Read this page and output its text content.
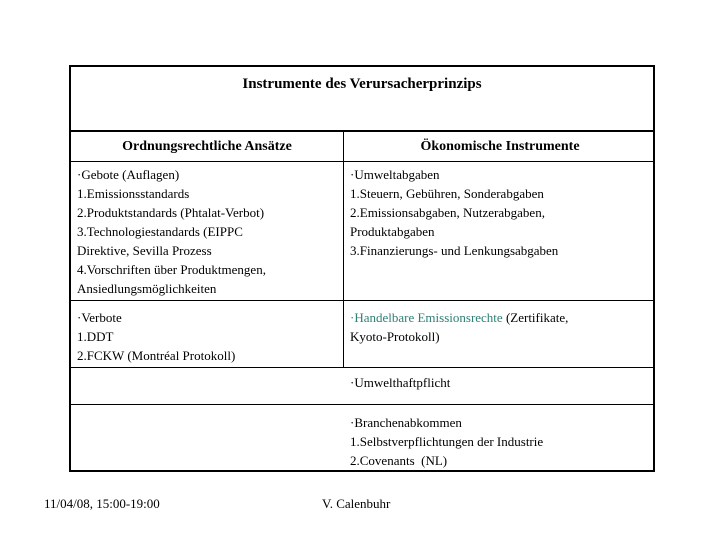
Instrumente des Verursacherprinzips
Ordnungsrechtliche Ansätze	Ökonomische Instrumente
·Gebote (Auflagen)
1.Emissionsstandards
2.Produktstandards (Phtalat-Verbot)
3.Technologiestandards (EIPPC
Direktive, Sevilla Prozess
4.Vorschriften über Produktmengen,
Ansiedlungsmöglichkeiten
·Verbote
1.DDT
2.FCKW (Montréal Protokoll)
·Umweltabgaben
1.Steuern, Gebühren, Sonderabgaben
2.Emissionsabgaben, Nutzerabgaben,
Produktabgaben
3.Finanzierungs- und Lenkungsabgaben
·Handelbare Emissionsrechte (Zertifikate,
Kyoto-Protokoll)
·Umwelthaftpflicht
·Branchenabkommen
1.Selbstverpflichtungen der Industrie
2.Covenants  (NL)
11/04/08, 15:00-19:00	V. Calenbuhr
